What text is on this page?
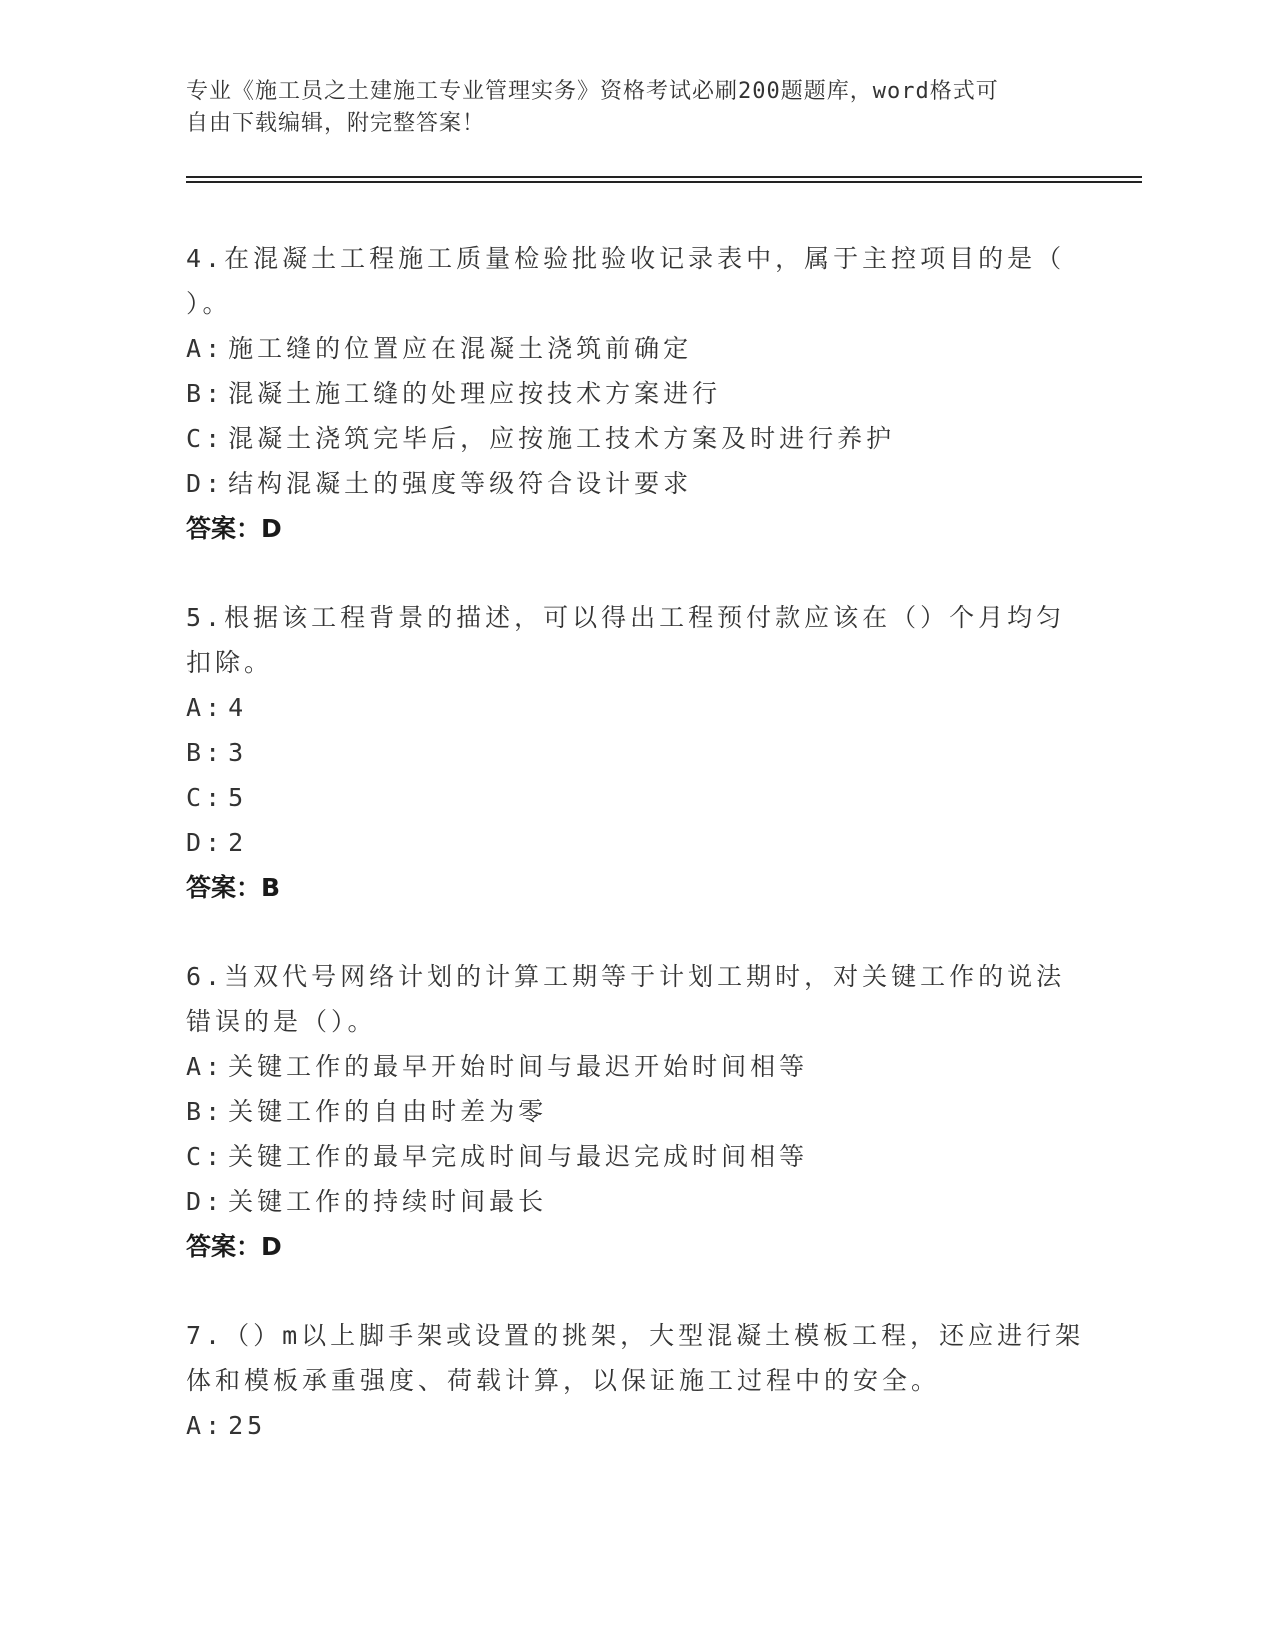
专业《施工员之土建施工专业管理实务》资格考试必刷200题题库，word格式可
自由下载编辑，附完整答案！
4.在混凝土工程施工质量检验批验收记录表中，属于主控项目的是（
）。
A: 施工缝的位置应在混凝土浇筑前确定
B: 混凝土施工缝的处理应按技术方案进行
C: 混凝土浇筑完毕后，应按施工技术方案及时进行养护
D: 结构混凝土的强度等级符合设计要求
答案：D
5.根据该工程背景的描述，可以得出工程预付款应该在（）个月均匀
扣除。
A: 4
B: 3
C: 5
D: 2
答案：B
6.当双代号网络计划的计算工期等于计划工期时，对关键工作的说法
错误的是（）。
A: 关键工作的最早开始时间与最迟开始时间相等
B: 关键工作的自由时差为零
C: 关键工作的最早完成时间与最迟完成时间相等
D: 关键工作的持续时间最长
答案：D
7.（）m以上脚手架或设置的挑架，大型混凝土模板工程，还应进行架
体和模板承重强度、荷载计算，以保证施工过程中的安全。
A: 25
